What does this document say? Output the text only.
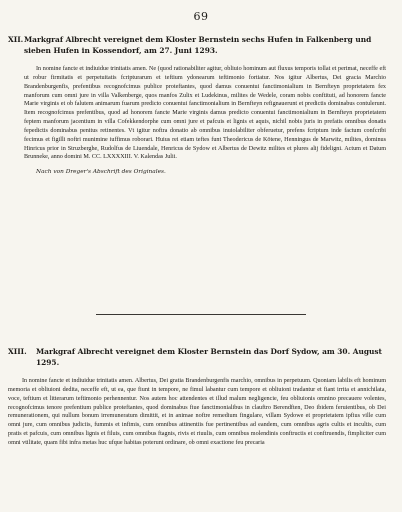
69

XII.Markgraf Albrecht vereignet dem Kloster Bernstein sechs Hufen in Falkenberg und sieben Hufen in Kossendorf, am 27. Juni 1293.

In nomine fancte et indiuidue trinitatis amen. Ne (quod rationabiliter agitur, obliuio hominum aut fluxus temporis tollat et perimat, neceffe eft ut robur firmitatis et perpetuitatis fcripturarum et teftium ydonearum teftimonio fortiatur. Nos igitur Albertus, Dei gracia Marchio Brandenburgenfis, prefentibus recognofcimus publice proteftantes, quod damus conuentui fanctimonialium in Bernfteyn proprietatem fex manforum cum omni jure in villa Valkenberge, quos manfos Zulix et Ludekinus, milites de Wedele, coram nobis conftituti, ad honorem fancte Marie virginis et ob falutem animarum fuarum predicto conuentui fanctimonialium in Bernfteyn refignauerunt et predictis dominabus contulerunt. Item recognofcimus prefentibus, quod ad honorem fancte Marie virginis damus predicto conuentui fanctimonialium in Bernfteyn proprietatem feptem manforum jacentium in villa Cofekkendorphe cum omni jure et pafcuis et lignis et aquis, nichil nobis juris in prefatis omnibus donatis fepedictis dominabus penitus retinentes. Vt igitur noftra donatio ab omnibus inuiolabiliter obferuetur, prefens fcriptum inde factum confcribi fecimus et figilli noftri munimine iuffimus roborari. Huius rei etiam teftes funt Theodericus de Kötene, Henningus de Marwitz, milites, dominus Hinricus prior in Struzberghe, Rudolfus de Liuendale, Henricus de Sydow et Albertus de Dewitz milites et plures alij fideligni. Actum et Datum Brunneke, anno domini M. CC. LXXXXIII. V. Kalendas Julii.

Nach von Dreger's Abschrift des Originales.

XIII. Markgraf Albrecht vereignet dem Kloster Bernstein das Dorf Sydow, am 30. August 1295.

In nomine fancte et indiuidue trinitatis amen. Albertus, Dei gratia Brandenburgenfis marchio, omnibus in perpetuum. Quoniam labilis eft hominum memoria et obliuioni dedita, neceffe eft, ut ea, que fiunt in tempore, ne fimul labantur cum tempore et obliuioni tradantur et fiant irrita et annichilata, voce, teftium et litterarum teftimonio perhennentur. Nos autem hoc attendentes et illud malum negligencie, feu obliuionis omnino precauere volentes, recognofcimus tenore prefentium publice proteftantes, quod dominabus fiue fanctimonialibus in clauftro Berendften, Deo ibidem feruientibus, ob Dei remunerationem, qui nullum bonum irremuneratum dimittit, et in animae noftre remedium fingulare, villam Sydowe et proprietatem ipfius ville cum omni jure, cum omnibus judiciis, fummis et infimis, cum omnibus attinentiis fue pertinentibus ad eandem, cum omnibus agris cultis et incultis, cum pratis et pafcuis, cum omnibus lignis et filuis, cum omnibus ftagnis, rivis et riuulis, cum omnibus molendinis conftructis et conftruendis, fimpliciter cum omni vtilitate, quam fibi infra metas huc ufque habitas poterunt ordinare, ob omni exactione feu precaria
